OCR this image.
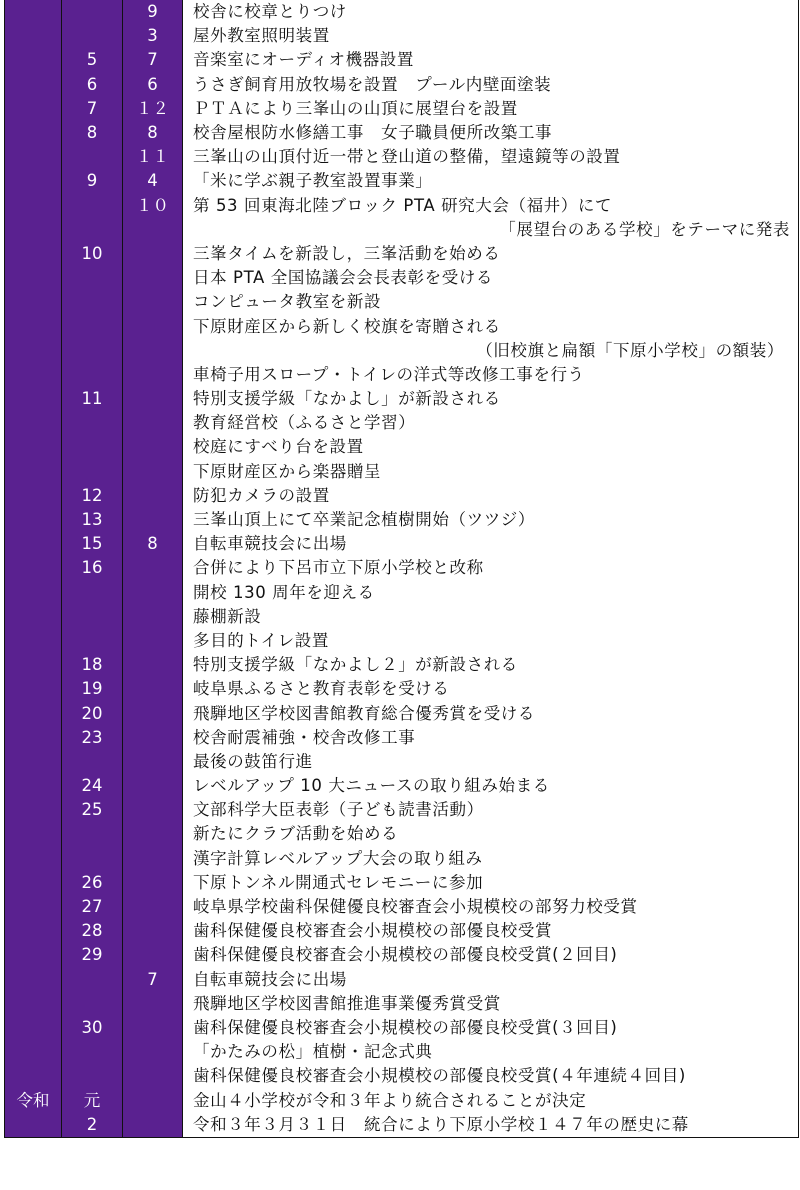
		9	校舎に校章とりつけ
		3	屋外教室照明装置
	5	7	音楽室にオーディオ機器設置
	6	6	うさぎ飼育用放牧場を設置　プール内壁面塗装
	7	１２	ＰＴＡにより三峯山の山頂に展望台を設置
	8	8	校舎屋根防水修繕工事　女子職員便所改築工事
		１１	三峯山の山頂付近一帯と登山道の整備，望遠鏡等の設置
	9	4	「米に学ぶ親子教室設置事業」
		１０	第 53 回東海北陸ブロック PTA 研究大会（福井）にて
			「展望台のある学校」をテーマに発表
	10		三峯タイムを新設し，三峯活動を始める
			日本 PTA 全国協議会会長表彰を受ける
			コンピュータ教室を新設
			下原財産区から新しく校旗を寄贈される
			（旧校旗と扁額「下原小学校」の額装）
			車椅子用スロープ・トイレの洋式等改修工事を行う
	11		特別支援学級「なかよし」が新設される
			教育経営校（ふるさと学習）
			校庭にすべり台を設置
			下原財産区から楽器贈呈
	12		防犯カメラの設置
	13		三峯山頂上にて卒業記念植樹開始（ツツジ）
	15	8	自転車競技会に出場
	16		合併により下呂市立下原小学校と改称
			開校 130 周年を迎える
			藤棚新設
			多目的トイレ設置
	18		特別支援学級「なかよし２」が新設される
	19		岐阜県ふるさと教育表彰を受ける
	20		飛騨地区学校図書館教育総合優秀賞を受ける
	23		校舎耐震補強・校舎改修工事
			最後の鼓笛行進
	24		レベルアップ 10 大ニュースの取り組み始まる
	25		文部科学大臣表彰（子ども読書活動）
			新たにクラブ活動を始める
			漢字計算レベルアップ大会の取り組み
	26		下原トンネル開通式セレモニーに参加
	27		岐阜県学校歯科保健優良校審査会小規模校の部努力校受賞
	28		歯科保健優良校審査会小規模校の部優良校受賞
	29		歯科保健優良校審査会小規模校の部優良校受賞(２回目)
		7	自転車競技会に出場
			飛騨地区学校図書館推進事業優秀賞受賞
	30		歯科保健優良校審査会小規模校の部優良校受賞(３回目)
			「かたみの松」植樹・記念式典
			歯科保健優良校審査会小規模校の部優良校受賞(４年連続４回目)
令和	元		金山４小学校が令和３年より統合されることが決定
	2		令和３年３月３１日　統合により下原小学校１４７年の歴史に幕
